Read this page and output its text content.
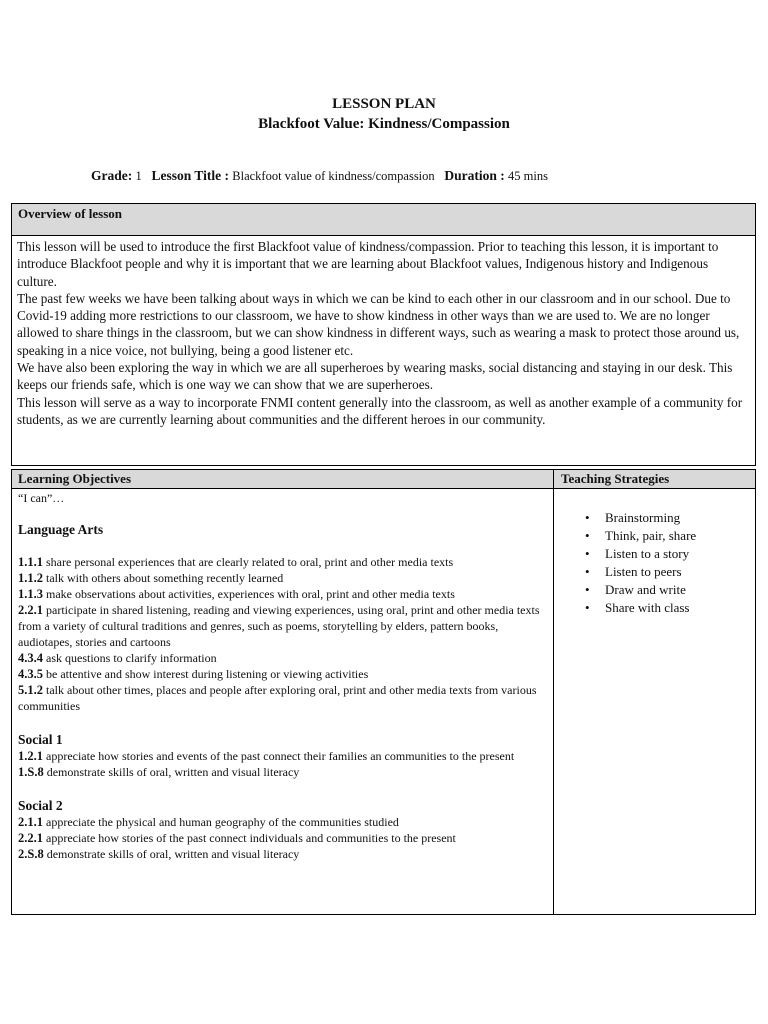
LESSON PLAN
Blackfoot Value: Kindness/Compassion
Grade: 1 Lesson Title : Blackfoot value of kindness/compassion Duration : 45 mins
Overview of lesson

This lesson will be used to introduce the first Blackfoot value of kindness/compassion. Prior to teaching this lesson, it is important to introduce Blackfoot people and why it is important that we are learning about Blackfoot values, Indigenous history and Indigenous culture.

The past few weeks we have been talking about ways in which we can be kind to each other in our classroom and in our school. Due to Covid-19 adding more restrictions to our classroom, we have to show kindness in other ways than we are used to. We are no longer allowed to share things in the classroom, but we can show kindness in different ways, such as wearing a mask to protect those around us, speaking in a nice voice, not bullying, being a good listener etc.

We have also been exploring the way in which we are all superheroes by wearing masks, social distancing and staying in our desk. This keeps our friends safe, which is one way we can show that we are superheroes.

This lesson will serve as a way to incorporate FNMI content generally into the classroom, as well as another example of a community for students, as we are currently learning about communities and the different heroes in our community.

Learning Objectives	Teaching Strategies
“I can”…
Language Arts
1.1.1 share personal experiences that are clearly related to oral, print and other media texts
1.1.2 talk with others about something recently learned
1.1.3 make observations about activities, experiences with oral, print and other media texts
2.2.1 participate in shared listening, reading and viewing experiences, using oral, print and other media texts from a variety of cultural traditions and genres, such as poems, storytelling by elders, pattern books, audiotapes, stories and cartoons
4.3.4 ask questions to clarify information
4.3.5 be attentive and show interest during listening or viewing activities
5.1.2 talk about other times, places and people after exploring oral, print and other media texts from various communities
Social 1
1.2.1 appreciate how stories and events of the past connect their families an communities to the present
1.S.8 demonstrate skills of oral, written and visual literacy
Social 2
2.1.1 appreciate the physical and human geography of the communities studied
2.2.1 appreciate how stories of the past connect individuals and communities to the present
2.S.8 demonstrate skills of oral, written and visual literacy
• Brainstorming
• Think, pair, share
• Listen to a story
• Listen to peers
• Draw and write
• Share with class
